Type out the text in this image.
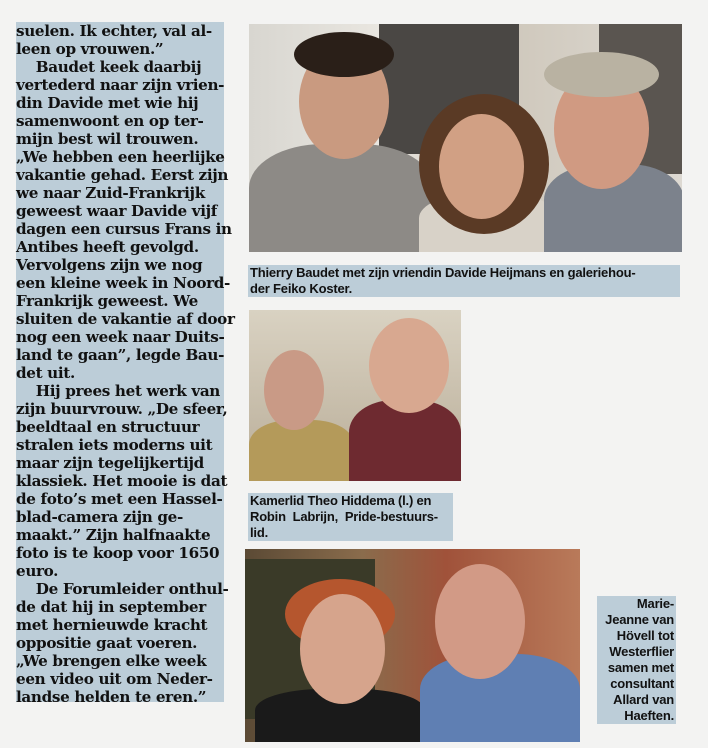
suelen. Ik echter, val al-

leen op vrouwen.”

Baudet keek daarbij

vertederd naar zijn vrien-

din Davide met wie hij

samenwoont en op ter-

mijn best wil trouwen.

„We hebben een heerlijke

vakantie gehad. Eerst zijn

we naar Zuid-Frankrijk

geweest waar Davide vijf

dagen een cursus Frans in

Antibes heeft gevolgd.

Vervolgens zijn we nog

een kleine week in Noord-

Frankrijk geweest. We

sluiten de vakantie af door

nog een week naar Duits-

land te gaan”, legde Bau-

det uit.

Hij prees het werk van

zijn buurvrouw. „De sfeer,

beeldtaal en structuur

stralen iets moderns uit

maar zijn tegelijkertijd

klassiek. Het mooie is dat

de foto’s met een Hassel-

blad-camera zijn ge-

maakt.” Zijn halfnaakte

foto is te koop voor 1650

euro.

De Forumleider onthul-

de dat hij in september

met hernieuwde kracht

oppositie gaat voeren.

„We brengen elke week

een video uit om Neder-

landse helden te eren.”

Thierry Baudet met zijn vriendin Davide Heijmans en galeriehou-
der Feiko Koster.
Kamerlid Theo Hiddema (l.) en
Robin  Labrijn,  Pride-bestuurs-
lid.
Marie-
Jeanne van
Hövell tot
Westerflier
samen met
consultant
Allard van
Haeften.
